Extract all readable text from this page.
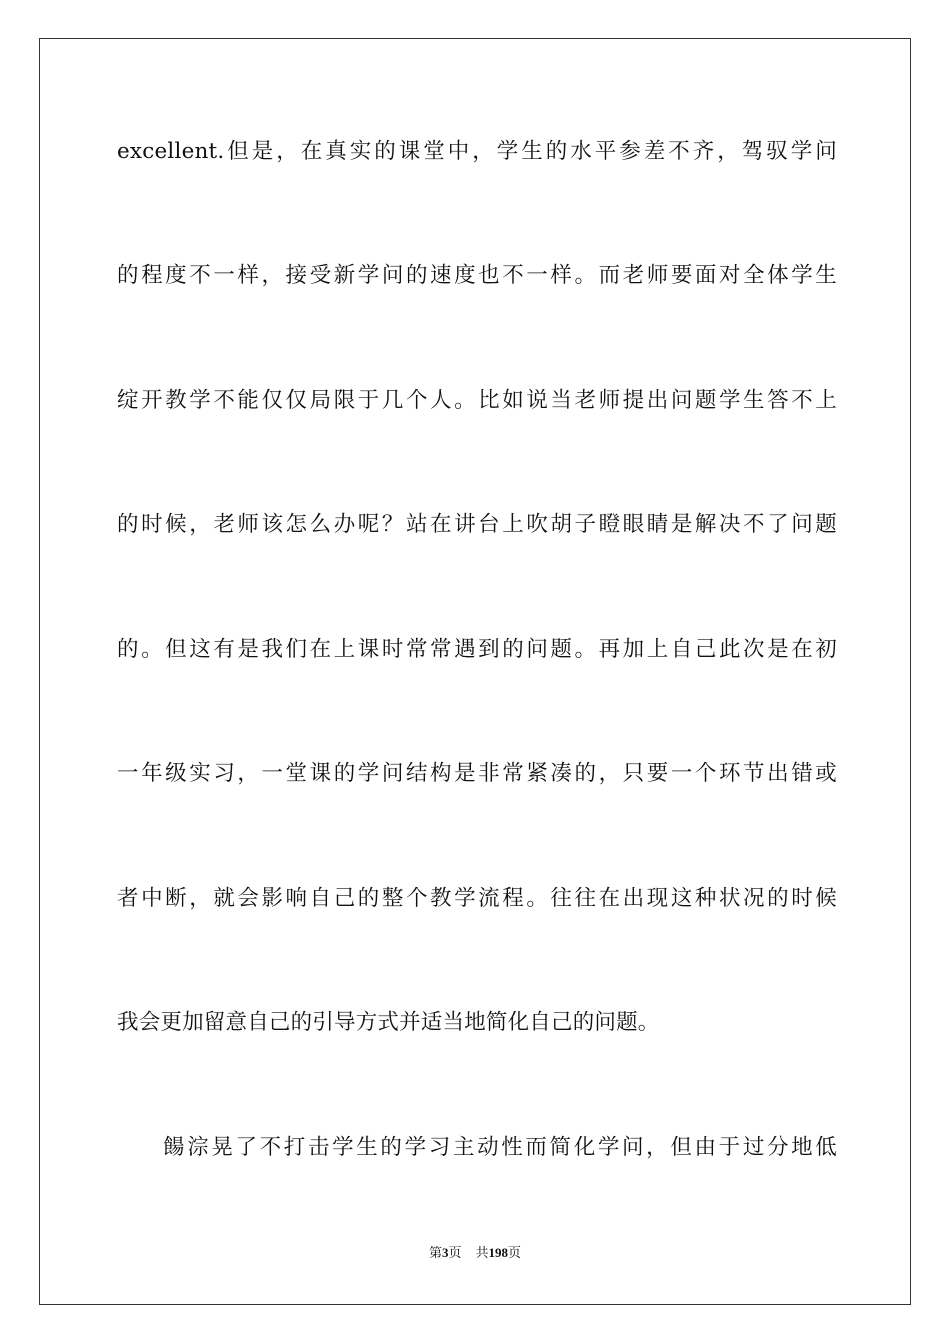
excellent.但是，在真实的课堂中，学生的水平参差不齐，驾驭学问
的程度不一样，接受新学问的速度也不一样。而老师要面对全体学生
绽开教学不能仅仅局限于几个人。比如说当老师提出问题学生答不上
的时候，老师该怎么办呢？站在讲台上吹胡子瞪眼睛是解决不了问题
的。但这有是我们在上课时常常遇到的问题。再加上自己此次是在初
一年级实习，一堂课的学问结构是非常紧凑的，只要一个环节出错或
者中断，就会影响自己的整个教学流程。往往在出现这种状况的时候
我会更加留意自己的引导方式并适当地简化自己的问题。
餳淙晃了不打击学生的学习主动性而简化学问，但由于过分地低
第3页 共198页
